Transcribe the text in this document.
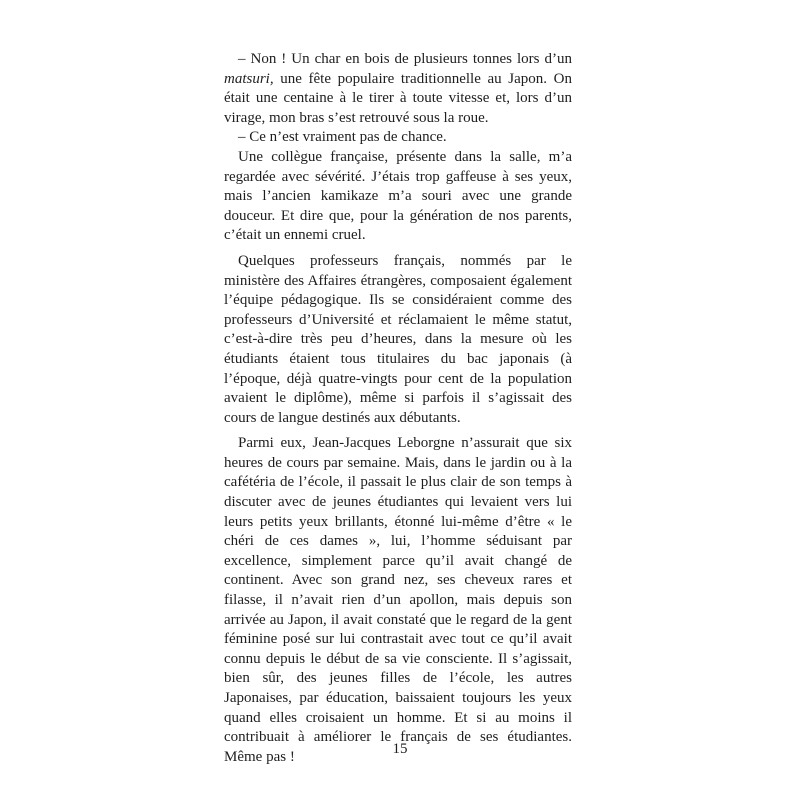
– Non ! Un char en bois de plusieurs tonnes lors d’un matsuri, une fête populaire traditionnelle au Japon. On était une centaine à le tirer à toute vitesse et, lors d’un virage, mon bras s’est retrouvé sous la roue.

– Ce n’est vraiment pas de chance.

Une collègue française, présente dans la salle, m’a regardée avec sévérité. J’étais trop gaffeuse à ses yeux, mais l’ancien kamikaze m’a souri avec une grande douceur. Et dire que, pour la génération de nos parents, c’était un ennemi cruel.

Quelques professeurs français, nommés par le ministère des Affaires étrangères, composaient également l’équipe pédagogique. Ils se considéraient comme des professeurs d’Université et réclamaient le même statut, c’est-à-dire très peu d’heures, dans la mesure où les étudiants étaient tous titulaires du bac japonais (à l’époque, déjà quatre-vingts pour cent de la population avaient le diplôme), même si parfois il s’agissait des cours de langue destinés aux débutants.

Parmi eux, Jean-Jacques Leborgne n’assurait que six heures de cours par semaine. Mais, dans le jardin ou à la cafétéria de l’école, il passait le plus clair de son temps à discuter avec de jeunes étudiantes qui levaient vers lui leurs petits yeux brillants, étonné lui-même d’être « le chéri de ces dames », lui, l’homme séduisant par excellence, simplement parce qu’il avait changé de continent. Avec son grand nez, ses cheveux rares et filasse, il n’avait rien d’un apollon, mais depuis son arrivée au Japon, il avait constaté que le regard de la gent féminine posé sur lui contrastait avec tout ce qu’il avait connu depuis le début de sa vie consciente. Il s’agissait, bien sûr, des jeunes filles de l’école, les autres Japonaises, par éducation, baissaient toujours les yeux quand elles croisaient un homme. Et si au moins il contribuait à améliorer le français de ses étudiantes. Même pas !	15
